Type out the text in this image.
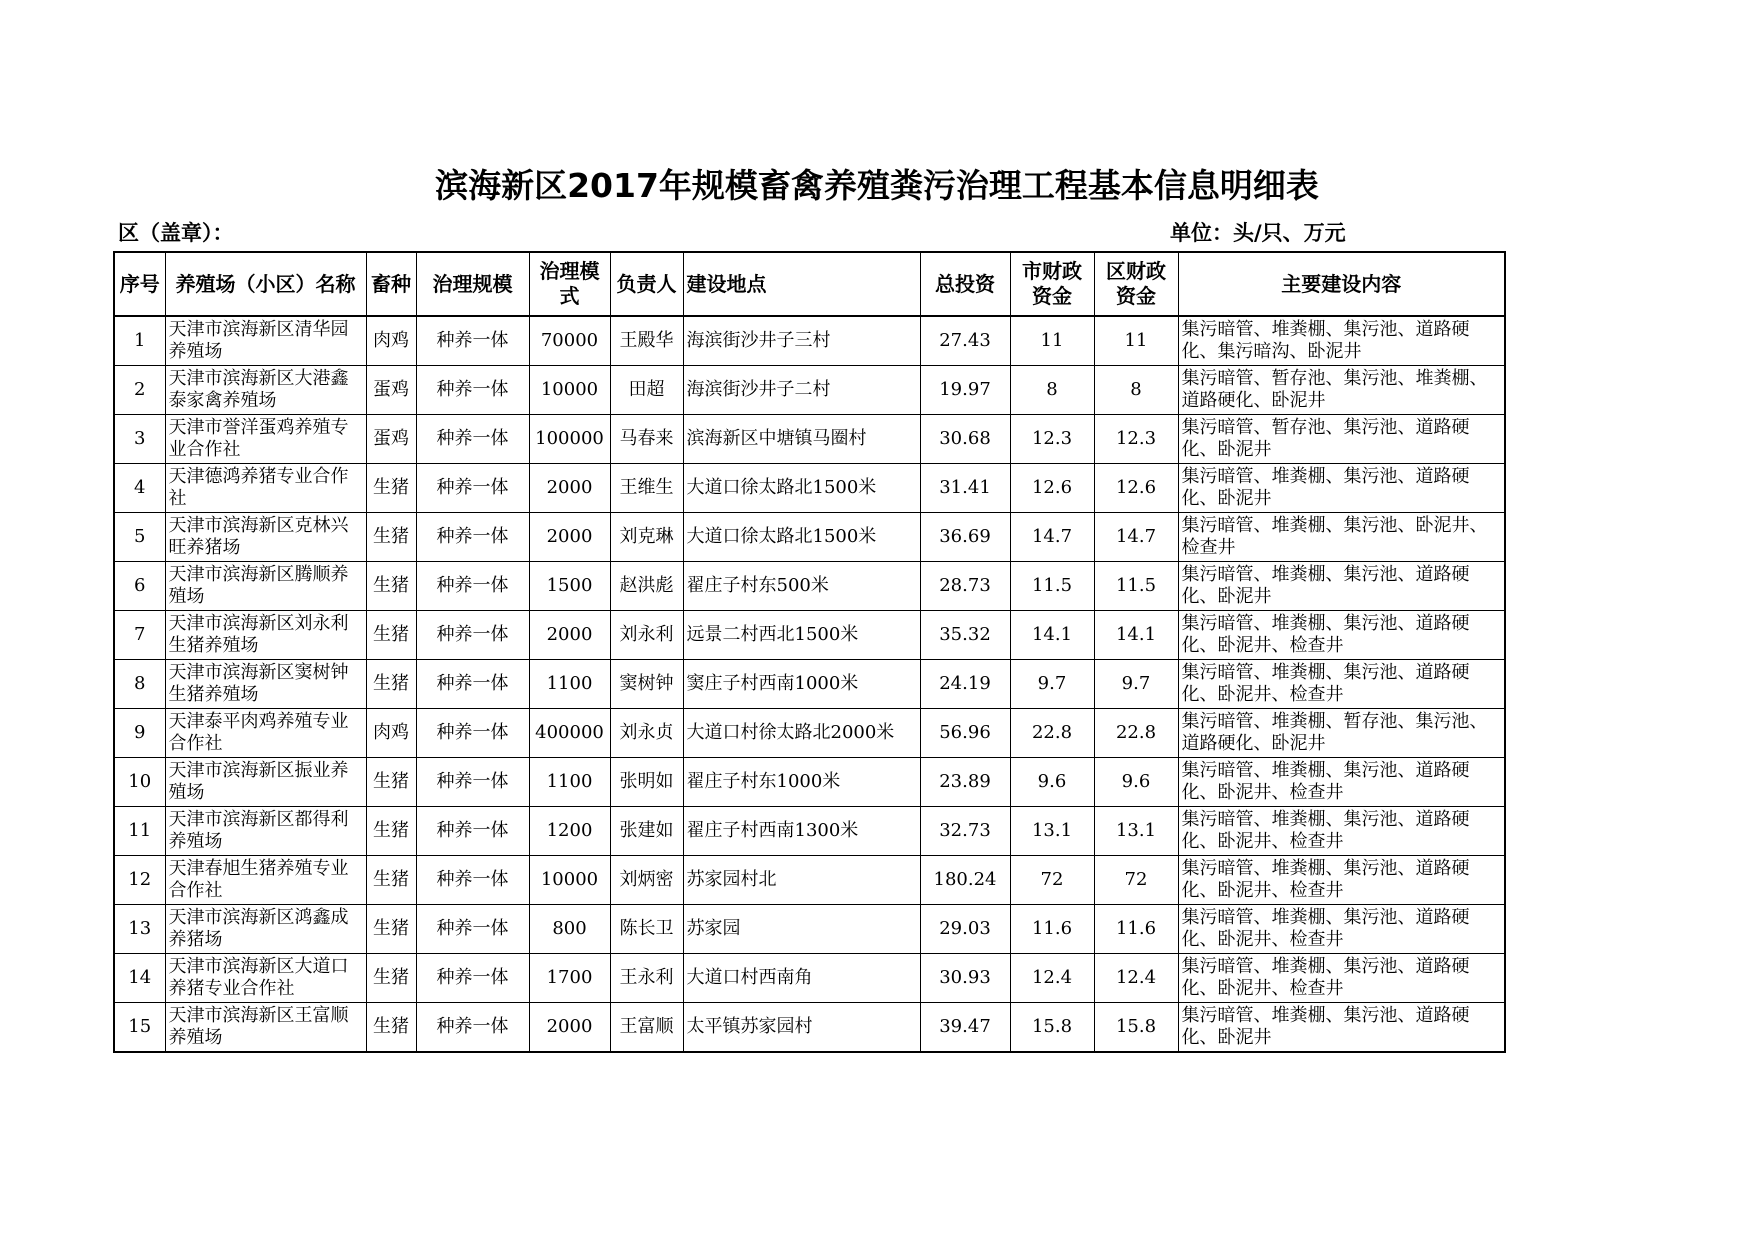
滨海新区2017年规模畜禽养殖粪污治理工程基本信息明细表
区（盖章）：	单位：头/只、万元
序号	养殖场（小区）名称	畜种	治理规模	治理模式	负责人	建设地点	总投资	市财政资金	区财政资金	主要建设内容
1	天津市滨海新区清华园养殖场	肉鸡	种养一体	70000	王殿华	海滨街沙井子三村	27.43	11	11	集污暗管、堆粪棚、集污池、道路硬化、集污暗沟、卧泥井
2	天津市滨海新区大港鑫泰家禽养殖场	蛋鸡	种养一体	10000	田超	海滨街沙井子二村	19.97	8	8	集污暗管、暂存池、集污池、堆粪棚、道路硬化、卧泥井
3	天津市誉洋蛋鸡养殖专业合作社	蛋鸡	种养一体	100000	马春来	滨海新区中塘镇马圈村	30.68	12.3	12.3	集污暗管、暂存池、集污池、道路硬化、卧泥井
4	天津德鸿养猪专业合作社	生猪	种养一体	2000	王维生	大道口徐太路北1500米	31.41	12.6	12.6	集污暗管、堆粪棚、集污池、道路硬化、卧泥井
5	天津市滨海新区克林兴旺养猪场	生猪	种养一体	2000	刘克琳	大道口徐太路北1500米	36.69	14.7	14.7	集污暗管、堆粪棚、集污池、卧泥井、检查井
6	天津市滨海新区腾顺养殖场	生猪	种养一体	1500	赵洪彪	翟庄子村东500米	28.73	11.5	11.5	集污暗管、堆粪棚、集污池、道路硬化、卧泥井
7	天津市滨海新区刘永利生猪养殖场	生猪	种养一体	2000	刘永利	远景二村西北1500米	35.32	14.1	14.1	集污暗管、堆粪棚、集污池、道路硬化、卧泥井、检查井
8	天津市滨海新区窦树钟生猪养殖场	生猪	种养一体	1100	窦树钟	窦庄子村西南1000米	24.19	9.7	9.7	集污暗管、堆粪棚、集污池、道路硬化、卧泥井、检查井
9	天津泰平肉鸡养殖专业合作社	肉鸡	种养一体	400000	刘永贞	大道口村徐太路北2000米	56.96	22.8	22.8	集污暗管、堆粪棚、暂存池、集污池、道路硬化、卧泥井
10	天津市滨海新区振业养殖场	生猪	种养一体	1100	张明如	翟庄子村东1000米	23.89	9.6	9.6	集污暗管、堆粪棚、集污池、道路硬化、卧泥井、检查井
11	天津市滨海新区都得利养殖场	生猪	种养一体	1200	张建如	翟庄子村西南1300米	32.73	13.1	13.1	集污暗管、堆粪棚、集污池、道路硬化、卧泥井、检查井
12	天津春旭生猪养殖专业合作社	生猪	种养一体	10000	刘炳密	苏家园村北	180.24	72	72	集污暗管、堆粪棚、集污池、道路硬化、卧泥井、检查井
13	天津市滨海新区鸿鑫成养猪场	生猪	种养一体	800	陈长卫	苏家园	29.03	11.6	11.6	集污暗管、堆粪棚、集污池、道路硬化、卧泥井、检查井
14	天津市滨海新区大道口养猪专业合作社	生猪	种养一体	1700	王永利	大道口村西南角	30.93	12.4	12.4	集污暗管、堆粪棚、集污池、道路硬化、卧泥井、检查井
15	天津市滨海新区王富顺养殖场	生猪	种养一体	2000	王富顺	太平镇苏家园村	39.47	15.8	15.8	集污暗管、堆粪棚、集污池、道路硬化、卧泥井
